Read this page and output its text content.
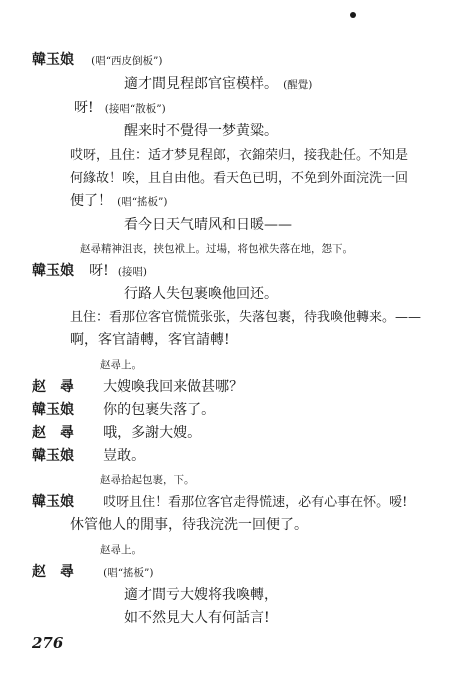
韓玉娘 (唱“西皮倒板”)
適才間見程郎官宦模样。 (醒覺)
呀! (接唱“散板”)
醒来时不覺得一梦黄粱。
哎呀，且住：适才梦見程郎，衣錦荣归，接我赴任。不知是
何緣故！唉，且自由他。看天色已明，不免到外面浣洗一回
便了！ (唱“搖板”)
看今日天气晴风和日暖——
赵尋精神沮丧，挟包袱上。过場，将包袱失落在地，怨下。
韓玉娘 呀! (接唱)
行路人失包裹喚他回还。
且住：看那位客官慌慌张张，失落包裹，待我喚他轉来。——
啊，客官請轉，客官請轉!
赵尋上。
赵　尋 大嫂喚我回来做甚哪？
韓玉娘 你的包裹失落了。
赵　尋 哦，多謝大嫂。
韓玉娘 豈敢。
赵尋拾起包裹，下。
韓玉娘 哎呀且住！看那位客官走得慌速，必有心事在怀。嗳!
休管他人的閒事，待我浣洗一回便了。
赵尋上。
赵　尋	(唱“搖板”)
適才間亏大嫂将我喚轉，
如不然見大人有何話言!
276
